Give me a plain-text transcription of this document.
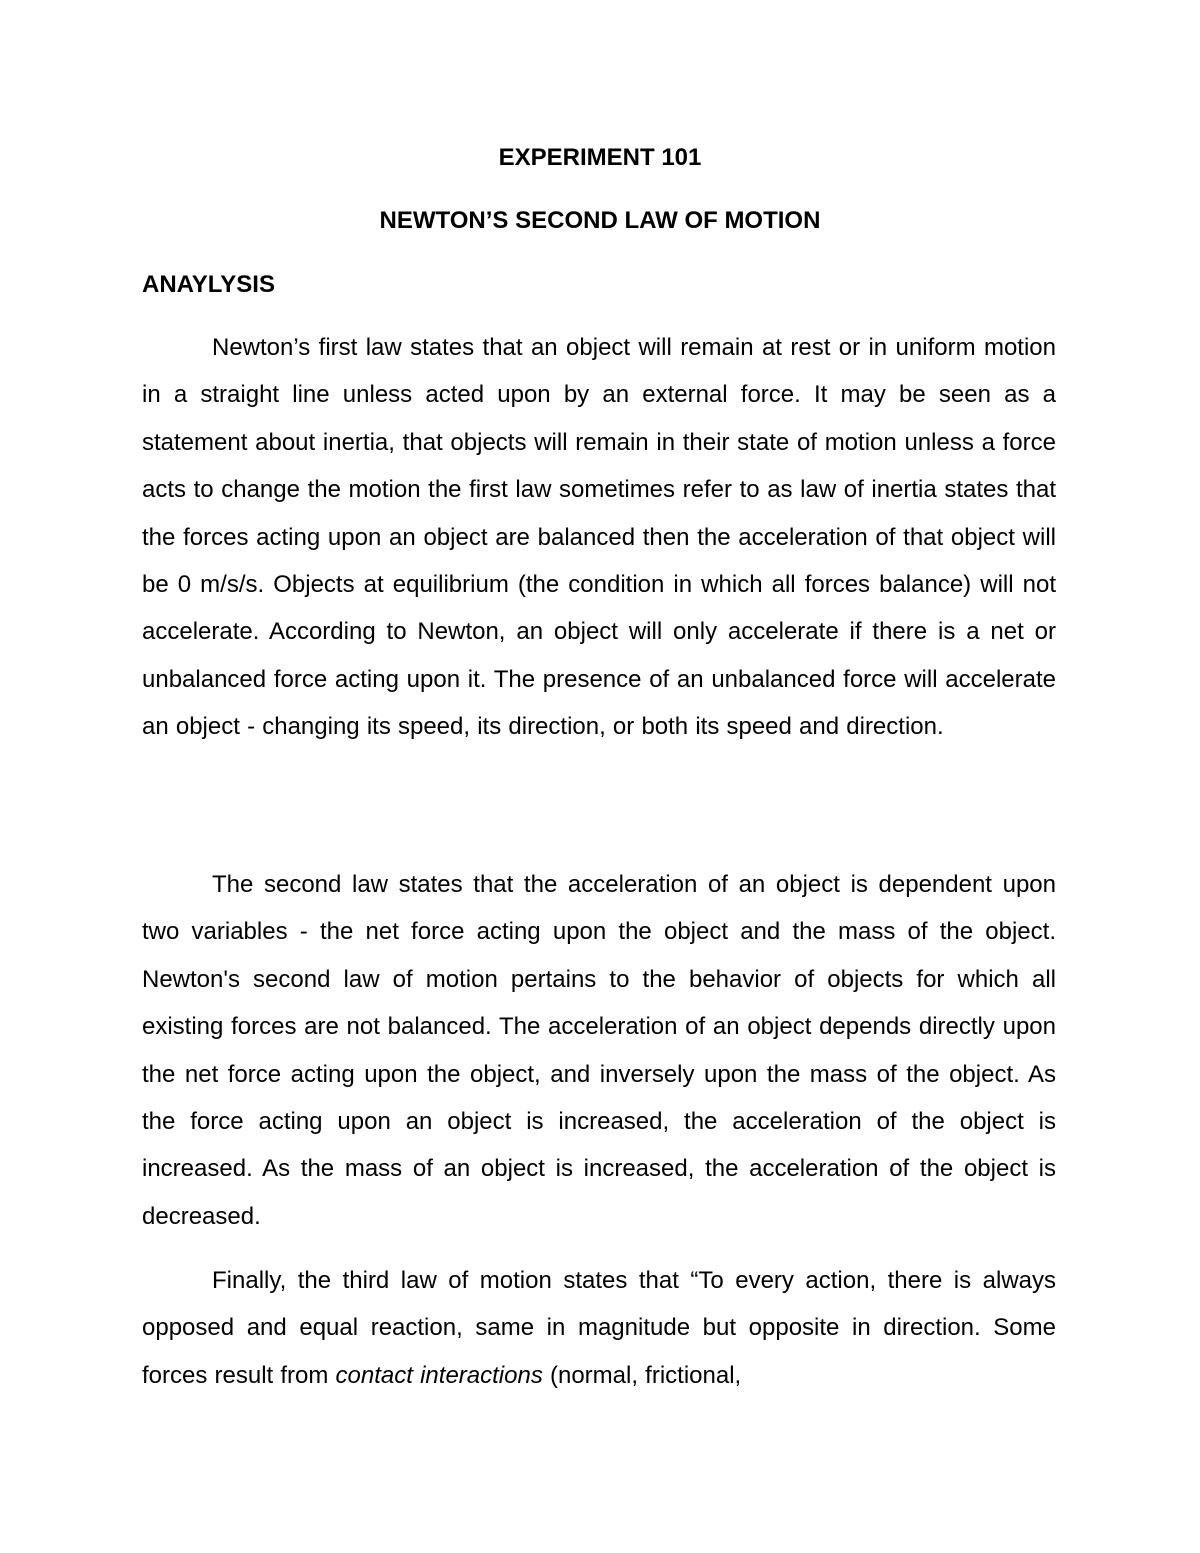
EXPERIMENT 101
NEWTON’S SECOND LAW OF MOTION
ANAYLYSIS

Newton’s first law states that an object will remain at rest or in uniform motion in a straight line unless acted upon by an external force. It may be seen as a statement about inertia, that objects will remain in their state of motion unless a force acts to change the motion the first law sometimes refer to as law of inertia states that the forces acting upon an object are balanced then the acceleration of that object will be 0 m/s/s. Objects at equilibrium (the condition in which all forces balance) will not accelerate. According to Newton, an object will only accelerate if there is a net or unbalanced force acting upon it. The presence of an unbalanced force will accelerate an object - changing its speed, its direction, or both its speed and direction.

The second law states that the acceleration of an object is dependent upon two variables - the net force acting upon the object and the mass of the object. Newton's second law of motion pertains to the behavior of objects for which all existing forces are not balanced. The acceleration of an object depends directly upon the net force acting upon the object, and inversely upon the mass of the object. As the force acting upon an object is increased, the acceleration of the object is increased. As the mass of an object is increased, the acceleration of the object is decreased.

Finally, the third law of motion states that “To every action, there is always opposed and equal reaction, same in magnitude but opposite in direction. Some forces result from contact interactions (normal, frictional,
